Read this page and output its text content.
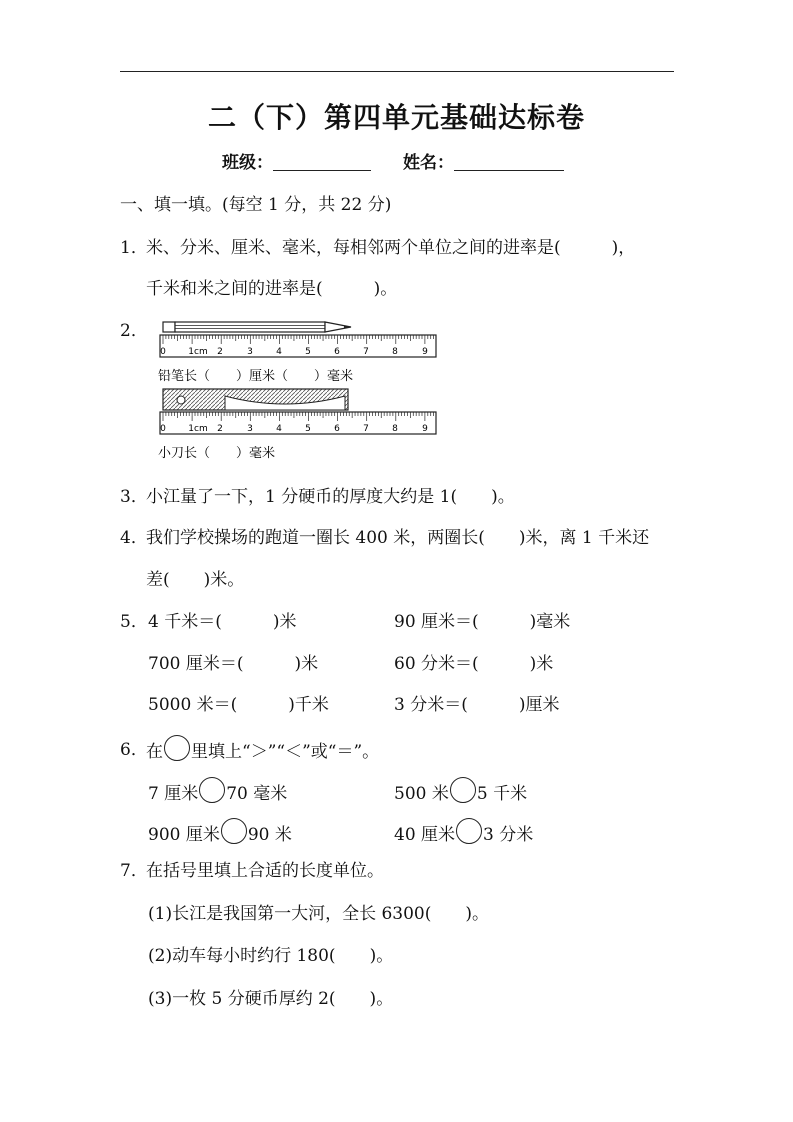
二（下）第四单元基础达标卷
班级：	姓名：
一、填一填。(每空 1 分，共 22 分)
1．
米、分米、厘米、毫米，每相邻两个单位之间的进率是(　　　)，
千米和米之间的进率是(　　　)。
2．
0 1cm 2	3	4	5	6	7	8	9
铅笔长（　　）厘米（　　）毫米
0 1cm 2	3	4	5	6	7	8	9
小刀长（　　）毫米
3．
小江量了一下，1 分硬币的厚度大约是 1(　　)。
4．
我们学校操场的跑道一圈长 400 米，两圈长(　　)米，离 1 千米还
差(　　)米。
5． 4 千米＝(　　　)米	90 厘米＝(　　　)毫米
700 厘米＝(　　　)米	60 分米＝(　　　)米
5000 米＝(　　　)千米	3 分米＝(　　　)厘米
6．
在 里填上“＞”“＜”或“＝”。
7 厘米 70 毫米	500 米 5 千米
900 厘米 90 米	40 厘米 3 分米
7．
在括号里填上合适的长度单位。
(1)长江是我国第一大河，全长 6300(　　)。
(2)动车每小时约行 180(　　)。
(3)一枚 5 分硬币厚约 2(　　)。
